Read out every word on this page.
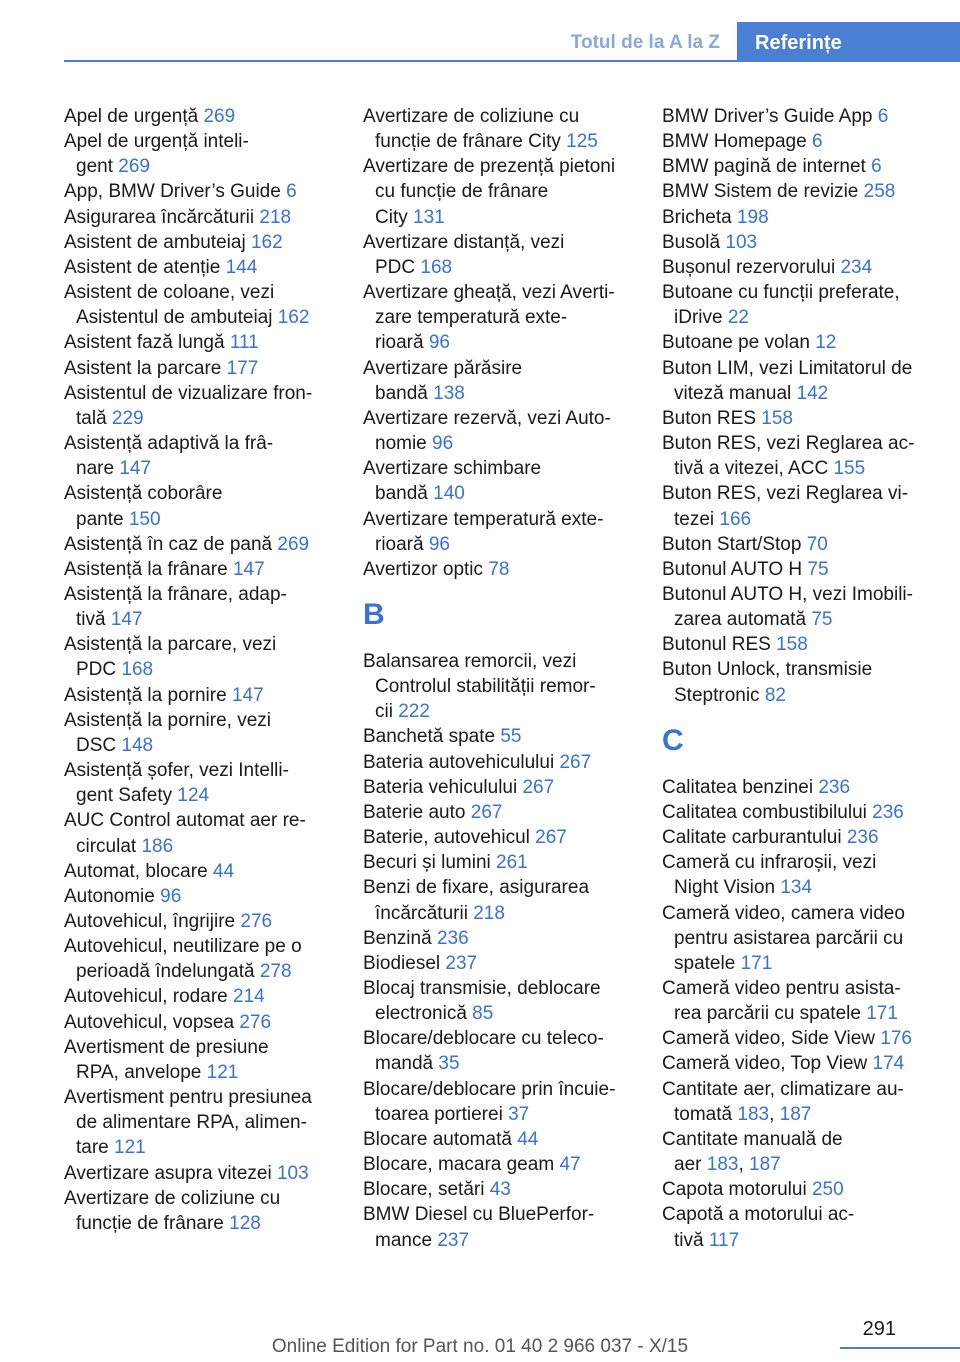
Totul de la A la Z	Referințe
Apel de urgență 269
Apel de urgență inteli‐
gent 269
App, BMW Driver’s Guide 6
Asigurarea încărcăturii 218
Asistent de ambuteiaj 162
Asistent de atenție 144
Asistent de coloane, vezi
Asistentul de ambuteiaj 162
Asistent fază lungă 111
Asistent la parcare 177
Asistentul de vizualizare fron‐
tală 229
Asistență adaptivă la frâ‐
nare 147
Asistență coborâre
pante 150
Asistență în caz de pană 269
Asistență la frânare 147
Asistență la frânare, adap‐
tivă 147
Asistență la parcare, vezi
PDC 168
Asistență la pornire 147
Asistență la pornire, vezi
DSC 148
Asistență șofer, vezi Intelli‐
gent Safety 124
AUC Control automat aer re‐
circulat 186
Automat, blocare 44
Autonomie 96
Autovehicul, îngrijire 276
Autovehicul, neutilizare pe o
perioadă îndelungată 278
Autovehicul, rodare 214
Autovehicul, vopsea 276
Avertisment de presiune
RPA, anvelope 121
Avertisment pentru presiunea
de alimentare RPA, alimen‐
tare 121
Avertizare asupra vitezei 103
Avertizare de coliziune cu
funcție de frânare 128
Avertizare de coliziune cu
funcție de frânare City 125
Avertizare de prezență pietoni
cu funcție de frânare
City 131
Avertizare distanță, vezi
PDC 168
Avertizare gheață, vezi Averti‐
zare temperatură exte‐
rioară 96
Avertizare părăsire
bandă 138
Avertizare rezervă, vezi Auto‐
nomie 96
Avertizare schimbare
bandă 140
Avertizare temperatură exte‐
rioară 96
Avertizor optic 78
B
Balansarea remorcii, vezi
Controlul stabilității remor‐
cii 222
Banchetă spate 55
Bateria autovehiculului 267
Bateria vehiculului 267
Baterie auto 267
Baterie, autovehicul 267
Becuri și lumini 261
Benzi de fixare, asigurarea
încărcăturii 218
Benzină 236
Biodiesel 237
Blocaj transmisie, deblocare
electronică 85
Blocare/deblocare cu teleco‐
mandă 35
Blocare/deblocare prin încuie‐
toarea portierei 37
Blocare automată 44
Blocare, macara geam 47
Blocare, setări 43
BMW Diesel cu BluePerfor‐
mance 237
BMW Driver’s Guide App 6
BMW Homepage 6
BMW pagină de internet 6
BMW Sistem de revizie 258
Bricheta 198
Busolă 103
Bușonul rezervorului 234
Butoane cu funcții preferate,
iDrive 22
Butoane pe volan 12
Buton LIM, vezi Limitatorul de
viteză manual 142
Buton RES 158
Buton RES, vezi Reglarea ac‐
tivă a vitezei, ACC 155
Buton RES, vezi Reglarea vi‐
tezei 166
Buton Start/Stop 70
Butonul AUTO H 75
Butonul AUTO H, vezi Imobili‐
zarea automată 75
Butonul RES 158
Buton Unlock, transmisie
Steptronic 82
C
Calitatea benzinei 236
Calitatea combustibilului 236
Calitate carburantului 236
Cameră cu infraroșii, vezi
Night Vision 134
Cameră video, camera video
pentru asistarea parcării cu
spatele 171
Cameră video pentru asista‐
rea parcării cu spatele 171
Cameră video, Side View 176
Cameră video, Top View 174
Cantitate aer, climatizare au‐
tomată 183, 187
Cantitate manuală de
aer 183, 187
Capota motorului 250
Capotă a motorului ac‐
tivă 117
291
Online Edition for Part no. 01 40 2 966 037 - X/15
